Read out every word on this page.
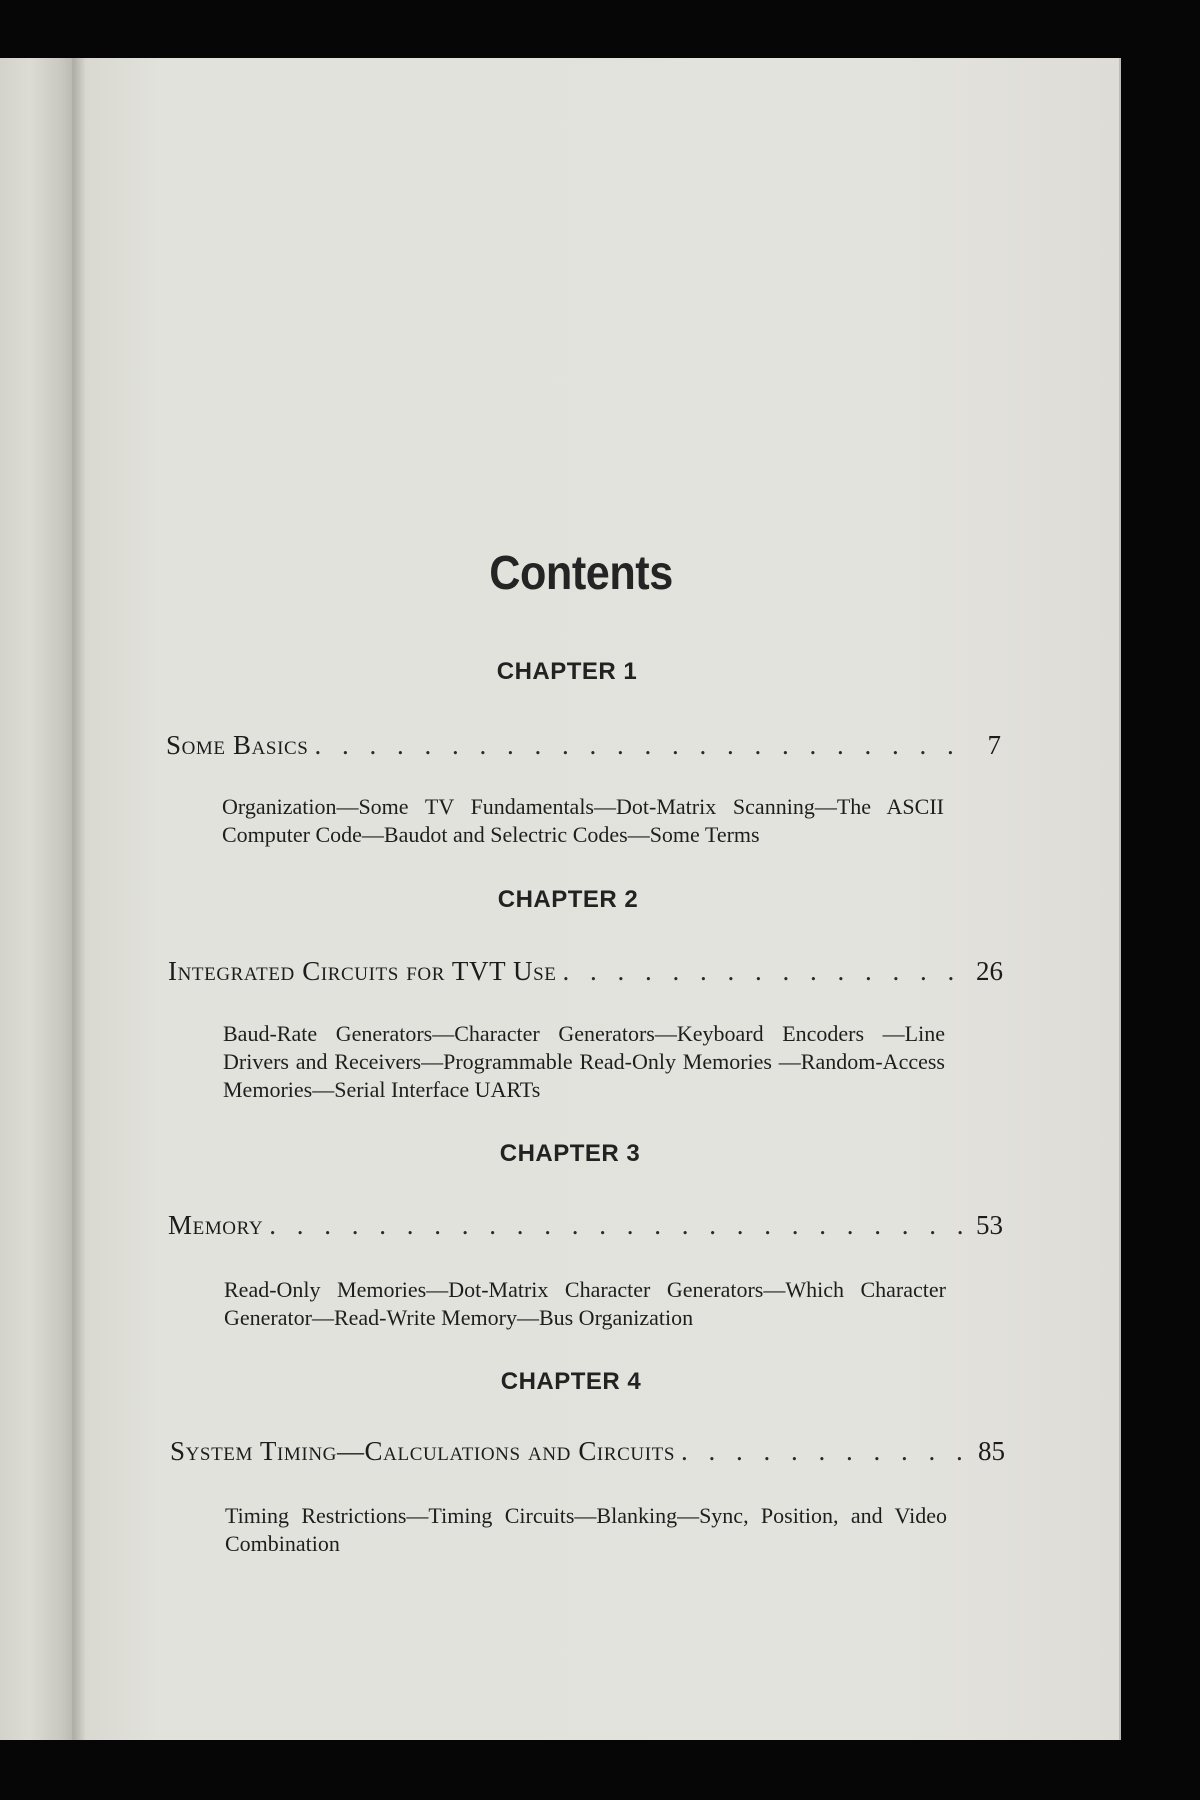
Contents
CHAPTER 1
Some Basics . . .	7
Organization—Some TV Fundamentals—Dot-Matrix Scanning—The ASCII Computer Code—Baudot and Selectric Codes—Some Terms
CHAPTER 2
Integrated Circuits for TVT Use . . .	26
Baud-Rate Generators—Character Generators—Keyboard Encoders —Line Drivers and Receivers—Programmable Read-Only Memories —Random-Access Memories—Serial Interface UARTs
CHAPTER 3
Memory . . .	53
Read-Only Memories—Dot-Matrix Character Generators—Which Character Generator—Read-Write Memory—Bus Organization
CHAPTER 4
System Timing—Calculations and Circuits . . .	85
Timing Restrictions—Timing Circuits—Blanking—Sync, Position, and Video Combination
